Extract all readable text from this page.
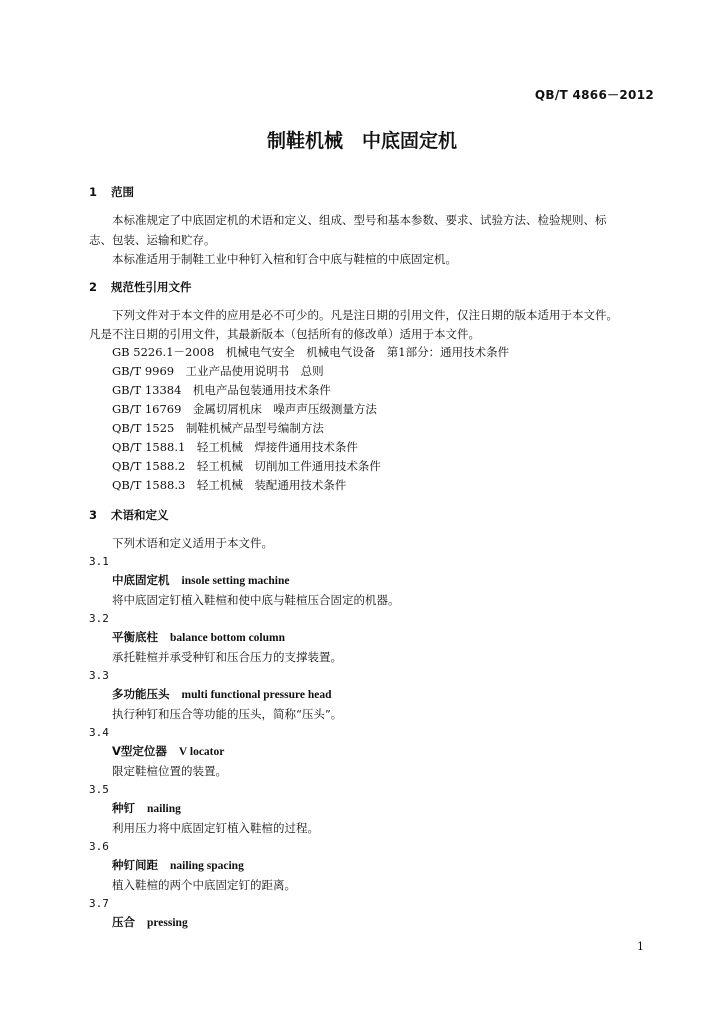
QB/T 4866－2012
制鞋机械　中底固定机
1 范围
本标准规定了中底固定机的术语和定义、组成、型号和基本参数、要求、试验方法、检验规则、标
志、包装、运输和贮存。
本标准适用于制鞋工业中种钉入楦和钉合中底与鞋楦的中底固定机。
2 规范性引用文件
下列文件对于本文件的应用是必不可少的。凡是注日期的引用文件，仅注日期的版本适用于本文件。
凡是不注日期的引用文件，其最新版本（包括所有的修改单）适用于本文件。
GB 5226.1－2008　 机械电气安全　机械电气设备　第1部分：通用技术条件
GB/T 9969　 工业产品使用说明书　总则
GB/T 13384　 机电产品包装通用技术条件
GB/T 16769　 金属切屑机床　噪声声压级测量方法
QB/T 1525　 制鞋机械产品型号编制方法
QB/T 1588.1　 轻工机械　焊接件通用技术条件
QB/T 1588.2　 轻工机械　切削加工件通用技术条件
QB/T 1588.3　 轻工机械　装配通用技术条件
3 术语和定义
下列术语和定义适用于本文件。
3.1
中底固定机 insole setting machine
将中底固定钉植入鞋楦和使中底与鞋楦压合固定的机器。
3.2
平衡底柱 balance bottom column
承托鞋楦并承受种钉和压合压力的支撑装置。
3.3
多功能压头 multi functional pressure head
执行种钉和压合等功能的压头，简称“压头”。
3.4
V型定位器 V locator
限定鞋楦位置的装置。
3.5
种钉 nailing
利用压力将中底固定钉植入鞋楦的过程。
3.6
种钉间距 nailing spacing
植入鞋楦的两个中底固定钉的距离。
3.7
压合 pressing
1
